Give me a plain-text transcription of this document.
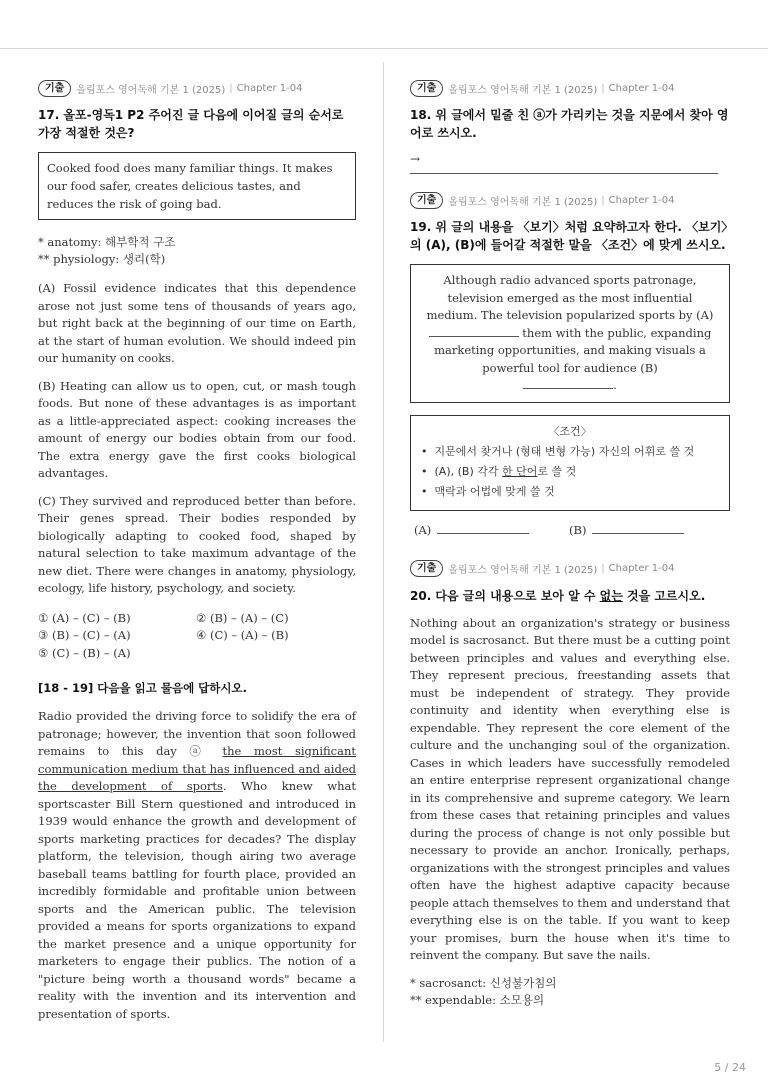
기출	올림포스 영어독해 기본 1 (2025) | Chapter 1-04
17. 올포-영독1 P2 주어진 글 다음에 이어질 글의 순서로 가장 적절한 것은?
Cooked food does many familiar things. It makes our food safer, creates delicious tastes, and reduces the risk of going bad.
* anatomy: 해부학적 구조
** physiology: 생리(학)
(A) Fossil evidence indicates that this dependence arose not just some tens of thousands of years ago, but right back at the beginning of our time on Earth, at the start of human evolution. We should indeed pin our humanity on cooks.
(B) Heating can allow us to open, cut, or mash tough foods. But none of these advantages is as important as a little-appreciated aspect: cooking increases the amount of energy our bodies obtain from our food. The extra energy gave the first cooks biological advantages.
(C) They survived and reproduced better than before. Their genes spread. Their bodies responded by biologically adapting to cooked food, shaped by natural selection to take maximum advantage of the new diet. There were changes in anatomy, physiology, ecology, life history, psychology, and society.
① (A) – (C) – (B)	② (B) – (A) – (C)
③ (B) – (C) – (A)	④ (C) – (A) – (B)
⑤ (C) – (B) – (A)
[18 - 19] 다음을 읽고 물음에 답하시오.
Radio provided the driving force to solidify the era of patronage; however, the invention that soon followed remains to this day ⓐ the most significant communication medium that has influenced and aided the development of sports. Who knew what sportscaster Bill Stern questioned and introduced in 1939 would enhance the growth and development of sports marketing practices for decades? The display platform, the television, though airing two average baseball teams battling for fourth place, provided an incredibly formidable and profitable union between sports and the American public. The television provided a means for sports organizations to expand the market presence and a unique opportunity for marketers to engage their publics. The notion of a "picture being worth a thousand words" became a reality with the invention and its intervention and presentation of sports.
기출	올림포스 영어독해 기본 1 (2025) | Chapter 1-04
18. 위 글에서 밑줄 친 ⓐ가 가리키는 것을 지문에서 찾아 영어로 쓰시오.
→
기출	올림포스 영어독해 기본 1 (2025) | Chapter 1-04
19. 위 글의 내용을 〈보기〉처럼 요약하고자 한다. 〈보기〉의 (A), (B)에 들어갈 적절한 말을 〈조건〉에 맞게 쓰시오.
Although radio advanced sports patronage, television emerged as the most influential medium. The television popularized sports by (A)  them with the public, expanding marketing opportunities, and making visuals a powerful tool for audience (B)
.
〈조건〉
• 지문에서 찾거나 (형태 변형 가능) 자신의 어휘로 쓸 것
• (A), (B) 각각 한 단어로 쓸 것
• 맥락과 어법에 맞게 쓸 것
(A)	(B)
기출	올림포스 영어독해 기본 1 (2025) | Chapter 1-04
20. 다음 글의 내용으로 보아 알 수 없는 것을 고르시오.
Nothing about an organization's strategy or business model is sacrosanct. But there must be a cutting point between principles and values and everything else. They represent precious, freestanding assets that must be independent of strategy. They provide continuity and identity when everything else is expendable. They represent the core element of the culture and the unchanging soul of the organization. Cases in which leaders have successfully remodeled an entire enterprise represent organizational change in its comprehensive and supreme category. We learn from these cases that retaining principles and values during the process of change is not only possible but necessary to provide an anchor. Ironically, perhaps, organizations with the strongest principles and values often have the highest adaptive capacity because people attach themselves to them and understand that everything else is on the table. If you want to keep your promises, burn the house when it's time to reinvent the company. But save the nails.
* sacrosanct: 신성불가침의
** expendable: 소모용의
5 / 24
